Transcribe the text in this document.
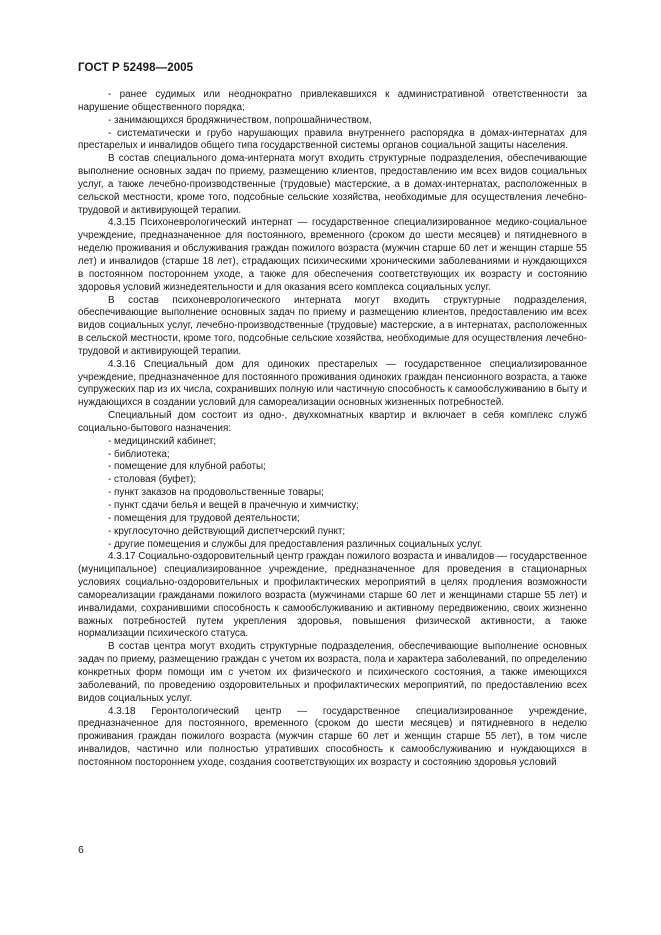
ГОСТ Р 52498—2005

- ранее судимых или неоднократно привлекавшихся к административной ответственности за нарушение общественного порядка;

- занимающихся бродяжничеством, попрошайничеством,

- систематически и грубо нарушающих правила внутреннего распорядка в домах-интернатах для престарелых и инвалидов общего типа государственной системы органов социальной защиты населения.

В состав специального дома-интерната могут входить структурные подразделения, обеспечивающие выполнение основных задач по приему, размещению клиентов, предоставлению им всех видов социальных услуг, а также лечебно-производственные (трудовые) мастерские, а в домах-интернатах, расположенных в сельской местности, кроме того, подсобные сельские хозяйства, необходимые для осуществления лечебно-трудовой и активирующей терапии.

4.3.15 Психоневрологический интернат — государственное специализированное медико-социальное учреждение, предназначенное для постоянного, временного (сроком до шести месяцев) и пятидневного в неделю проживания и обслуживания граждан пожилого возраста (мужчин старше 60 лет и женщин старше 55 лет) и инвалидов (старше 18 лет), страдающих психическими хроническими заболеваниями и нуждающихся в постоянном постороннем уходе, а также для обеспечения соответствующих их возрасту и состоянию здоровья условий жизнедеятельности и для оказания всего комплекса социальных услуг.

В состав психоневрологического интерната могут входить структурные подразделения, обеспечивающие выполнение основных задач по приему и размещению клиентов, предоставлению им всех видов социальных услуг, лечебно-производственные (трудовые) мастерские, а в интернатах, расположенных в сельской местности, кроме того, подсобные сельские хозяйства, необходимые для осуществления лечебно-трудовой и активирующей терапии.

4.3.16 Специальный дом для одиноких престарелых — государственное специализированное учреждение, предназначенное для постоянного проживания одиноких граждан пенсионного возраста, а также супружеских пар из их числа, сохранивших полную или частичную способность к самообслуживанию в быту и нуждающихся в создании условий для самореализации основных жизненных потребностей.

Специальный дом состоит из одно-, двухкомнатных квартир и включает в себя комплекс служб социально-бытового назначения:

- медицинский кабинет;

- библиотека;

- помещение для клубной работы;

- столовая (буфет);

- пункт заказов на продовольственные товары;

- пункт сдачи белья и вещей в прачечную и химчистку;

- помещения для трудовой деятельности;

- круглосуточно действующий диспетчерский пункт;

- другие помещения и службы для предоставления различных социальных услуг.

4.3.17 Социально-оздоровительный центр граждан пожилого возраста и инвалидов — государственное (муниципальное) специализированное учреждение, предназначенное для проведения в стационарных условиях социально-оздоровительных и профилактических мероприятий в целях продления возможности самореализации гражданами пожилого возраста (мужчинами старше 60 лет и женщинами старше 55 лет) и инвалидами, сохранившими способность к самообслуживанию и активному передвижению, своих жизненно важных потребностей путем укрепления здоровья, повышения физической активности, а также нормализации психического статуса.

В состав центра могут входить структурные подразделения, обеспечивающие выполнение основных задач по приему, размещению граждан с учетом их возраста, пола и характера заболеваний, по определению конкретных форм помощи им с учетом их физического и психического состояния, а также имеющихся заболеваний, по проведению оздоровительных и профилактических мероприятий, по предоставлению всех видов социальных услуг.

4.3.18 Геронтологический центр — государственное специализированное учреждение, предназначенное для постоянного, временного (сроком до шести месяцев) и пятидневного в неделю проживания граждан пожилого возраста (мужчин старше 60 лет и женщин старше 55 лет), в том числе инвалидов, частично или полностью утративших способность к самообслуживанию и нуждающихся в постоянном постороннем уходе, создания соответствующих их возрасту и состоянию здоровья условий

6
